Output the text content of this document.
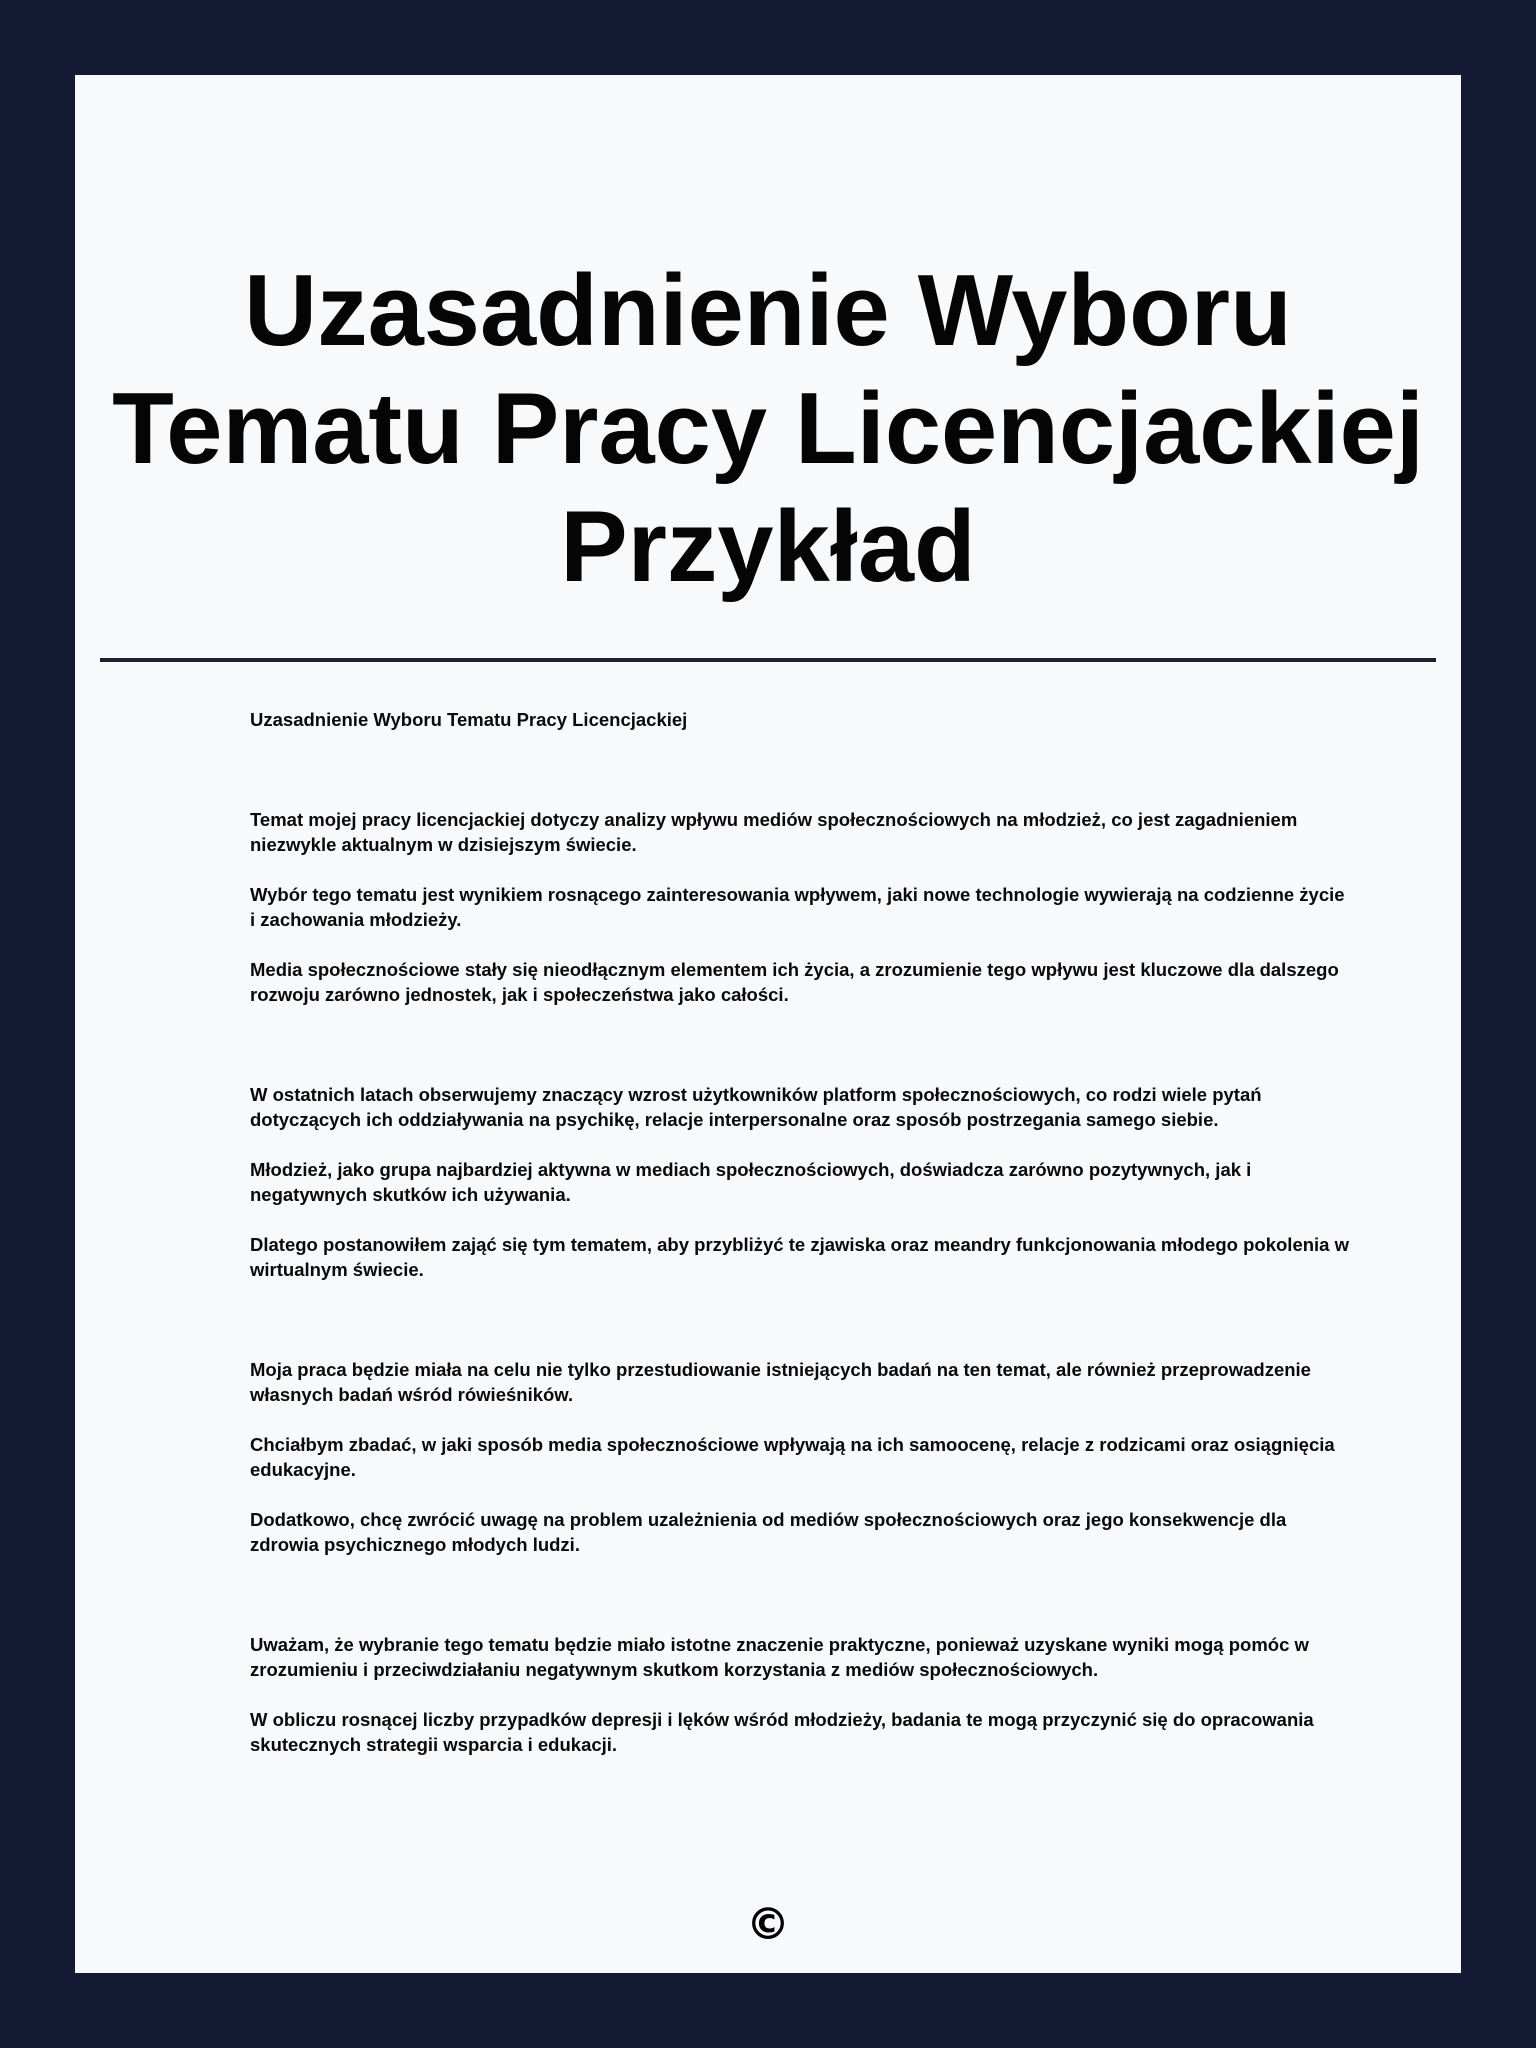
Uzasadnienie Wyboru Tematu Pracy Licencjackiej Przykład
Uzasadnienie Wyboru Tematu Pracy Licencjackiej

Temat mojej pracy licencjackiej dotyczy analizy wpływu mediów społecznościowych na młodzież, co jest zagadnieniem niezwykle aktualnym w dzisiejszym świecie.

Wybór tego tematu jest wynikiem rosnącego zainteresowania wpływem, jaki nowe technologie wywierają na codzienne życie i zachowania młodzieży.

Media społecznościowe stały się nieodłącznym elementem ich życia, a zrozumienie tego wpływu jest kluczowe dla dalszego rozwoju zarówno jednostek, jak i społeczeństwa jako całości.

W ostatnich latach obserwujemy znaczący wzrost użytkowników platform społecznościowych, co rodzi wiele pytań dotyczących ich oddziaływania na psychikę, relacje interpersonalne oraz sposób postrzegania samego siebie.

Młodzież, jako grupa najbardziej aktywna w mediach społecznościowych, doświadcza zarówno pozytywnych, jak i negatywnych skutków ich używania.

Dlatego postanowiłem zająć się tym tematem, aby przybliżyć te zjawiska oraz meandry funkcjonowania młodego pokolenia w wirtualnym świecie.

Moja praca będzie miała na celu nie tylko przestudiowanie istniejących badań na ten temat, ale również przeprowadzenie własnych badań wśród rówieśników.

Chciałbym zbadać, w jaki sposób media społecznościowe wpływają na ich samoocenę, relacje z rodzicami oraz osiągnięcia edukacyjne.

Dodatkowo, chcę zwrócić uwagę na problem uzależnienia od mediów społecznościowych oraz jego konsekwencje dla zdrowia psychicznego młodych ludzi.

Uważam, że wybranie tego tematu będzie miało istotne znaczenie praktyczne, ponieważ uzyskane wyniki mogą pomóc w zrozumieniu i przeciwdziałaniu negatywnym skutkom korzystania z mediów społecznościowych.

W obliczu rosnącej liczby przypadków depresji i lęków wśród młodzieży, badania te mogą przyczynić się do opracowania skutecznych strategii wsparcia i edukacji.

©
